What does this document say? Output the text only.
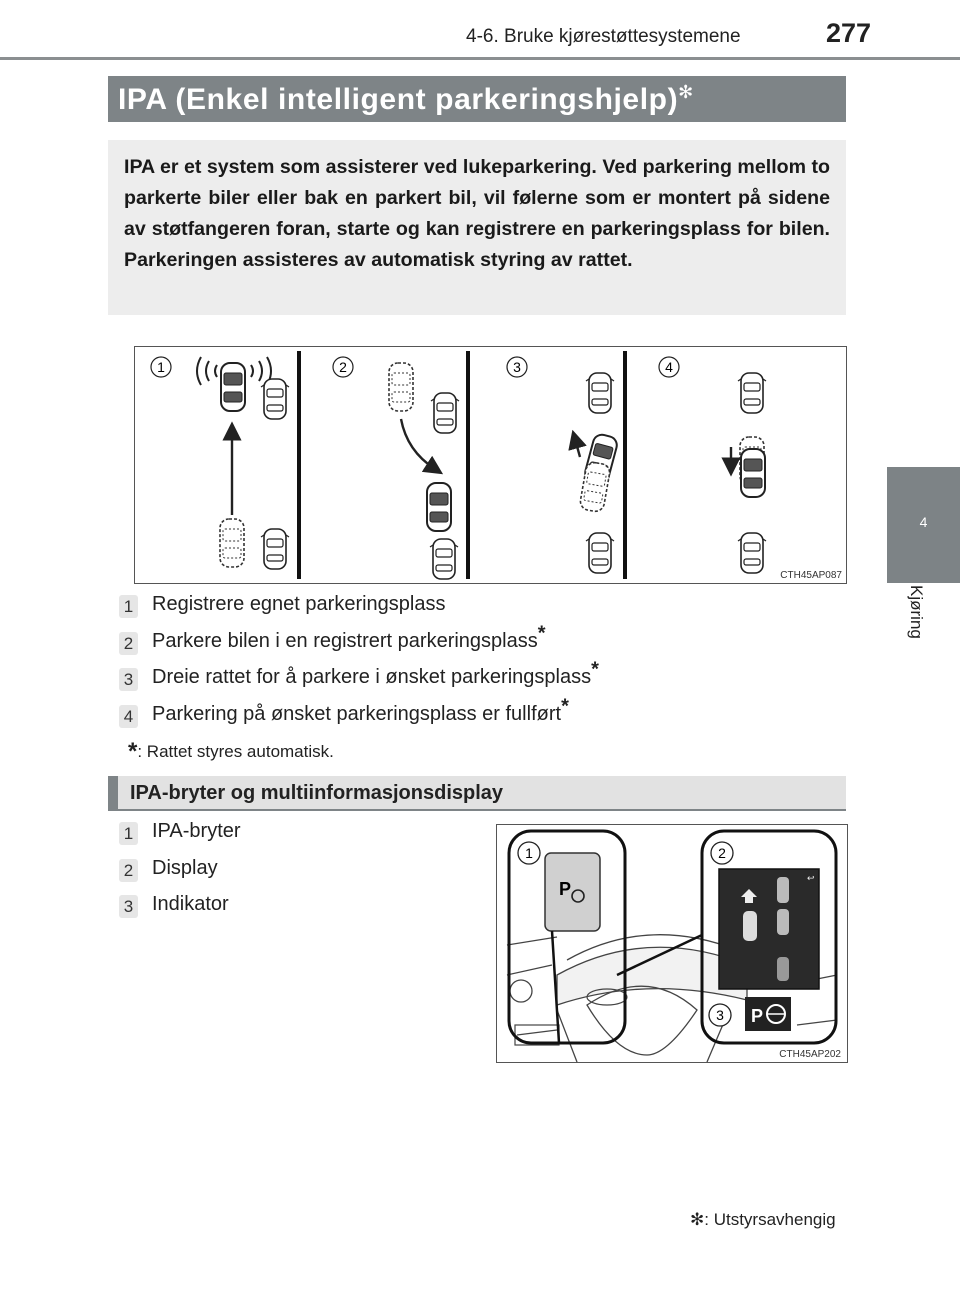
4-6. Bruke kjørestøttesystemene	277
4
Kjøring
IPA (Enkel intelligent parkeringshjelp)✻
IPA er et system som assisterer ved lukeparkering. Ved parkering mellom to parkerte biler eller bak en parkert bil, vil følerne som er montert på sidene av støtfangeren foran, starte og kan registrere en parkeringsplass for bilen. Parkeringen assisteres av automatisk styring av rattet.
1	2	3	4
CTH45AP087
1 Registrere egnet parkeringsplass
2 Parkere bilen i en registrert parkeringsplass*
3 Dreie rattet for å parkere i ønsket parkeringsplass*
4 Parkering på ønsket parkeringsplass er fullført*
*: Rattet styres automatisk.
IPA-bryter og multiinformasjonsdisplay
1 IPA-bryter
2 Display
3 Indikator
1
P
2
↩
3 P
CTH45AP202
✻: Utstyrsavhengig
